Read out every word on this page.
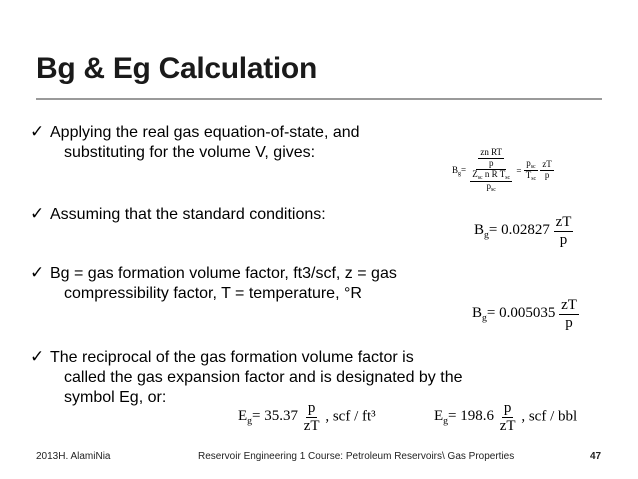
Bg & Eg Calculation
✓ Applying the real gas equation-of-state, and
substituting for the volume V, gives:
✓ Assuming that the standard conditions:
✓ Bg = gas formation volume factor, ft3/scf, z = gas
compressibility factor, T = temperature, °R
✓ The reciprocal of the gas formation volume factor is
called the gas expansion factor and is designated by the
symbol Eg, or:
$B_g= \frac{\frac{\text{zn RT}}{p}}{\frac{Z_{sc} n R T_{sc}}{p_{sc}}} = \frac{p_{sc}}{T_{sc}}$
$\frac{zT}{p}$
$B_g= 0.02827 \frac{zT}{p}$
$B_g= 0.005035 \frac{zT}{p}$
$E_g= 35.37 \frac{p}{zT}$ , scf / ft³	$E_g= 198.6 \frac{p}{zT}$ , scf / bbl
2013H. AlamiNia	Reservoir Engineering 1 Course: Petroleum Reservoirs\ Gas Properties	47
